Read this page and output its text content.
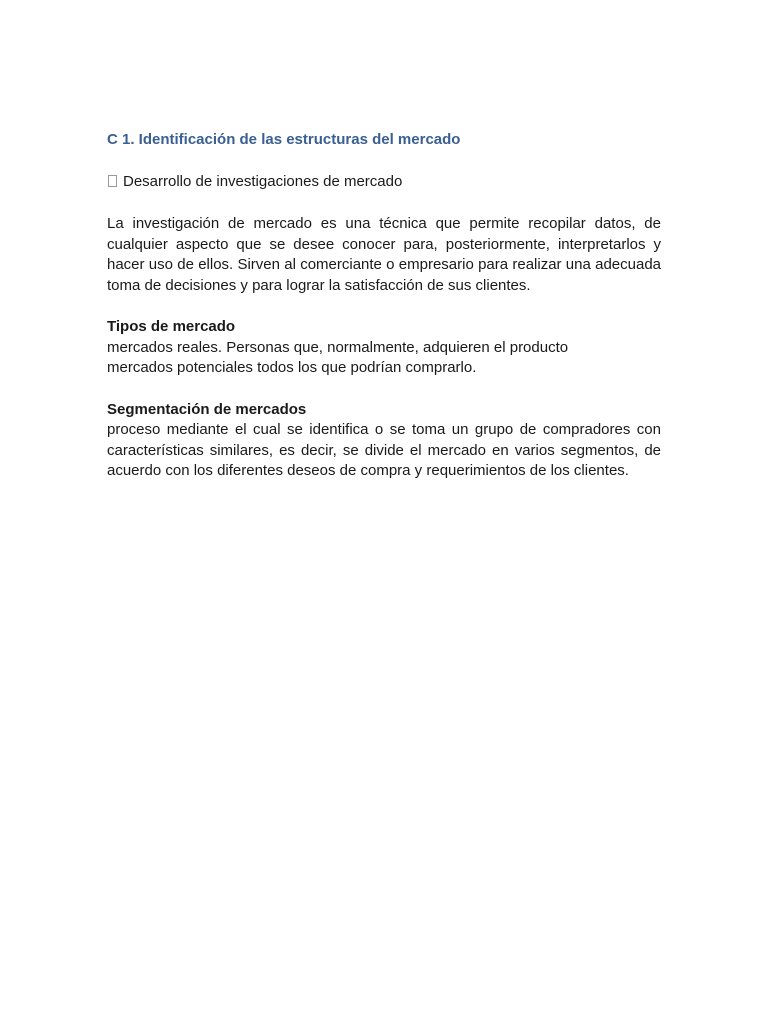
C 1. Identificación de las estructuras del mercado
Desarrollo de investigaciones de mercado

La investigación de mercado es una técnica que permite recopilar datos, de cualquier aspecto que se desee conocer para, posteriormente, interpretarlos y hacer uso de ellos. Sirven al comerciante o empresario para realizar una adecuada toma de decisiones y para lograr la satisfacción de sus clientes.

Tipos de mercado
mercados reales. Personas que, normalmente, adquieren el producto
mercados potenciales todos los que podrían comprarlo.
Segmentación de mercados

proceso mediante el cual se identifica o se toma un grupo de compradores con características similares, es decir, se divide el mercado en varios segmentos, de acuerdo con los diferentes deseos de compra y requerimientos de los clientes.
